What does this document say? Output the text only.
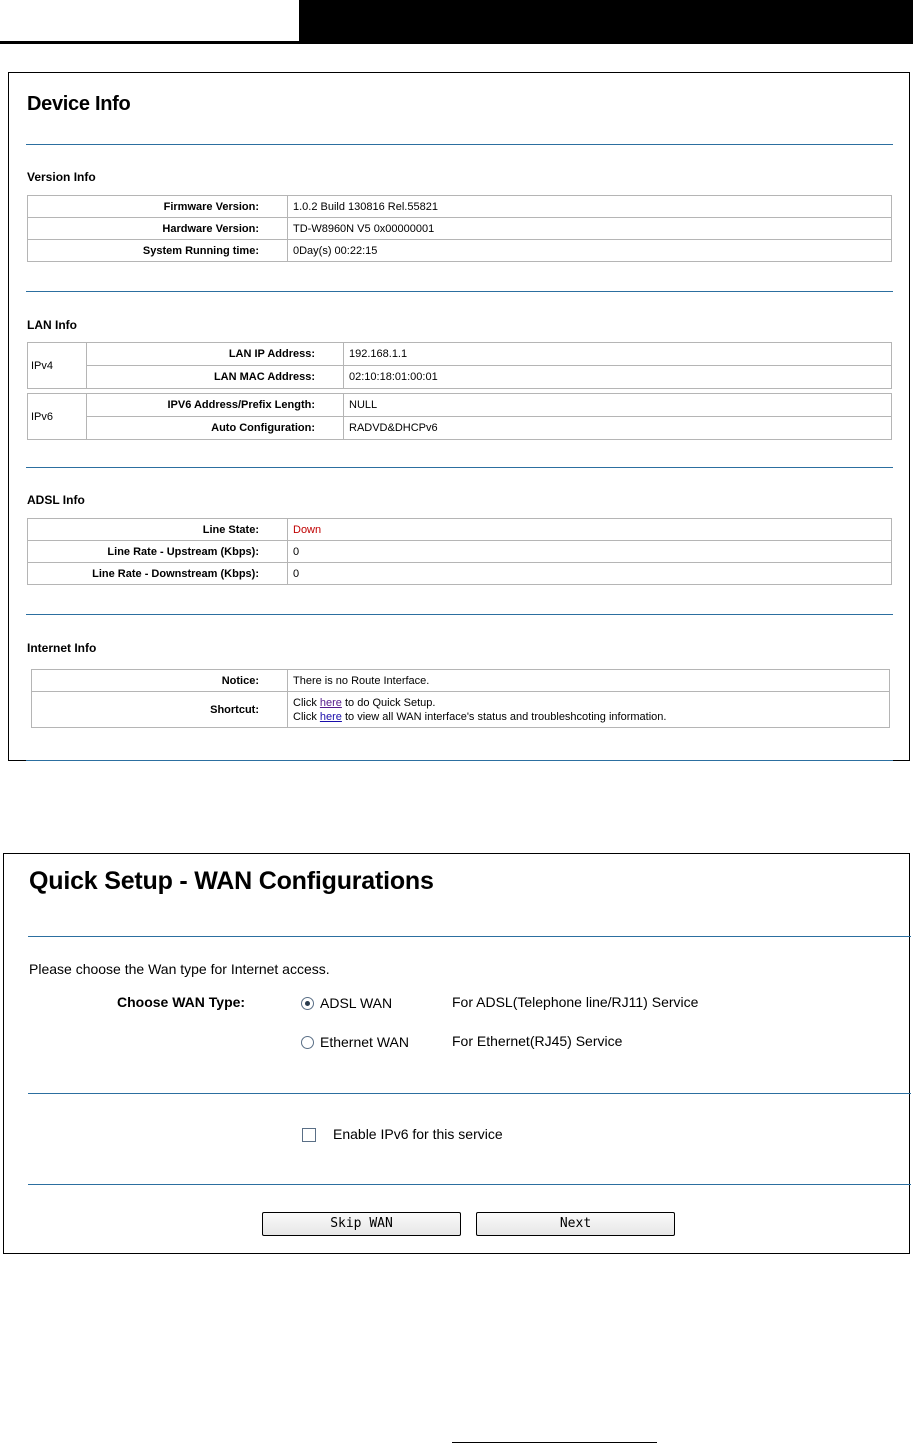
Device Info
Version Info
Firmware Version:	1.0.2 Build 130816 Rel.55821
Hardware Version:	TD-W8960N V5 0x00000001
System Running time:	0Day(s) 00:22:15
LAN Info
IPv4	LAN IP Address:	192.168.1.1
	LAN MAC Address:	02:10:18:01:00:01
IPv6	IPV6 Address/Prefix Length:	NULL
	Auto Configuration:	RADVD&DHCPv6
ADSL Info
Line State:	Down
Line Rate - Upstream (Kbps):	0
Line Rate - Downstream (Kbps):	0
Internet Info
Notice:	There is no Route Interface.
Shortcut:	Click here to do Quick Setup.
Click here to view all WAN interface's status and troubleshcoting information.
Quick Setup - WAN Configurations
Please choose the Wan type for Internet access.
Choose WAN Type:	ADSL WAN	For ADSL(Telephone line/RJ11) Service
Ethernet WAN	For Ethernet(RJ45) Service
Enable IPv6 for this service
Skip WAN	Next
